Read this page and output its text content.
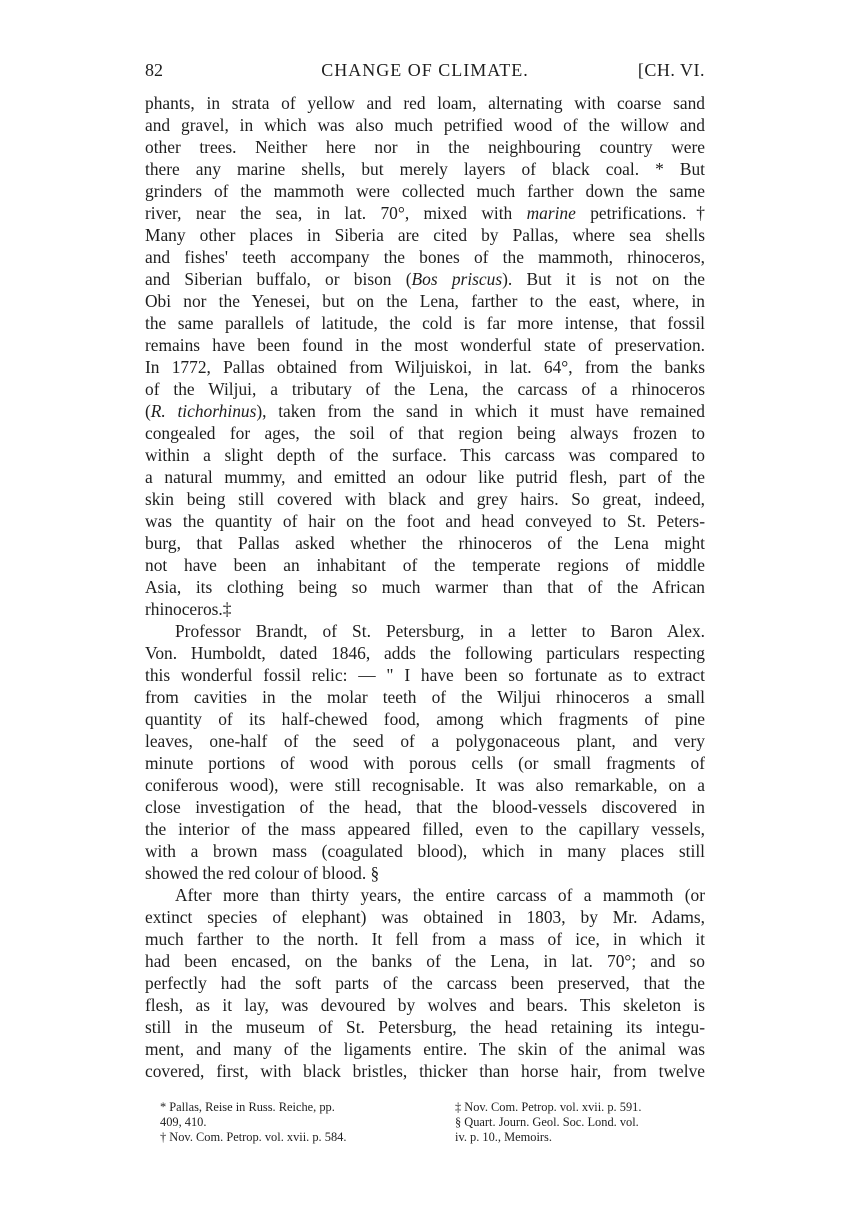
82	CHANGE OF CLIMATE.	[CH. VI.
phants, in strata of yellow and red loam, alternating with coarse sand
and gravel, in which was also much petrified wood of the willow and
other trees. Neither here nor in the neighbouring country were
there any marine shells, but merely layers of black coal. * But
grinders of the mammoth were collected much farther down the same
river, near the sea, in lat. 70°, mixed with marine petrifications.†
Many other places in Siberia are cited by Pallas, where sea shells
and fishes' teeth accompany the bones of the mammoth, rhinoceros,
and Siberian buffalo, or bison (Bos priscus). But it is not on the
Obi nor the Yenesei, but on the Lena, farther to the east, where, in
the same parallels of latitude, the cold is far more intense, that fossil
remains have been found in the most wonderful state of preservation.
In 1772, Pallas obtained from Wiljuiskoi, in lat. 64°, from the banks
of the Wiljui, a tributary of the Lena, the carcass of a rhinoceros
(R. tichorhinus), taken from the sand in which it must have remained
congealed for ages, the soil of that region being always frozen to
within a slight depth of the surface. This carcass was compared to
a natural mummy, and emitted an odour like putrid flesh, part of the
skin being still covered with black and grey hairs. So great, indeed,
was the quantity of hair on the foot and head conveyed to St. Peters-
burg, that Pallas asked whether the rhinoceros of the Lena might
not have been an inhabitant of the temperate regions of middle
Asia, its clothing being so much warmer than that of the African
rhinoceros.‡
Professor Brandt, of St. Petersburg, in a letter to Baron Alex.
Von. Humboldt, dated 1846, adds the following particulars respecting
this wonderful fossil relic: — " I have been so fortunate as to extract
from cavities in the molar teeth of the Wiljui rhinoceros a small
quantity of its half-chewed food, among which fragments of pine
leaves, one-half of the seed of a polygonaceous plant, and very
minute portions of wood with porous cells (or small fragments of
coniferous wood), were still recognisable. It was also remarkable, on a
close investigation of the head, that the blood-vessels discovered in
the interior of the mass appeared filled, even to the capillary vessels,
with a brown mass (coagulated blood), which in many places still
showed the red colour of blood. §
After more than thirty years, the entire carcass of a mammoth (or
extinct species of elephant) was obtained in 1803, by Mr. Adams,
much farther to the north. It fell from a mass of ice, in which it
had been encased, on the banks of the Lena, in lat. 70°; and so
perfectly had the soft parts of the carcass been preserved, that the
flesh, as it lay, was devoured by wolves and bears. This skeleton is
still in the museum of St. Petersburg, the head retaining its integu-
ment, and many of the ligaments entire. The skin of the animal was
covered, first, with black bristles, thicker than horse hair, from twelve
* Pallas, Reise in Russ. Reiche, pp.
409, 410.
† Nov. Com. Petrop. vol. xvii. p. 584.
‡ Nov. Com. Petrop. vol. xvii. p. 591.
§ Quart. Journ. Geol. Soc. Lond. vol.
iv. p. 10., Memoirs.
